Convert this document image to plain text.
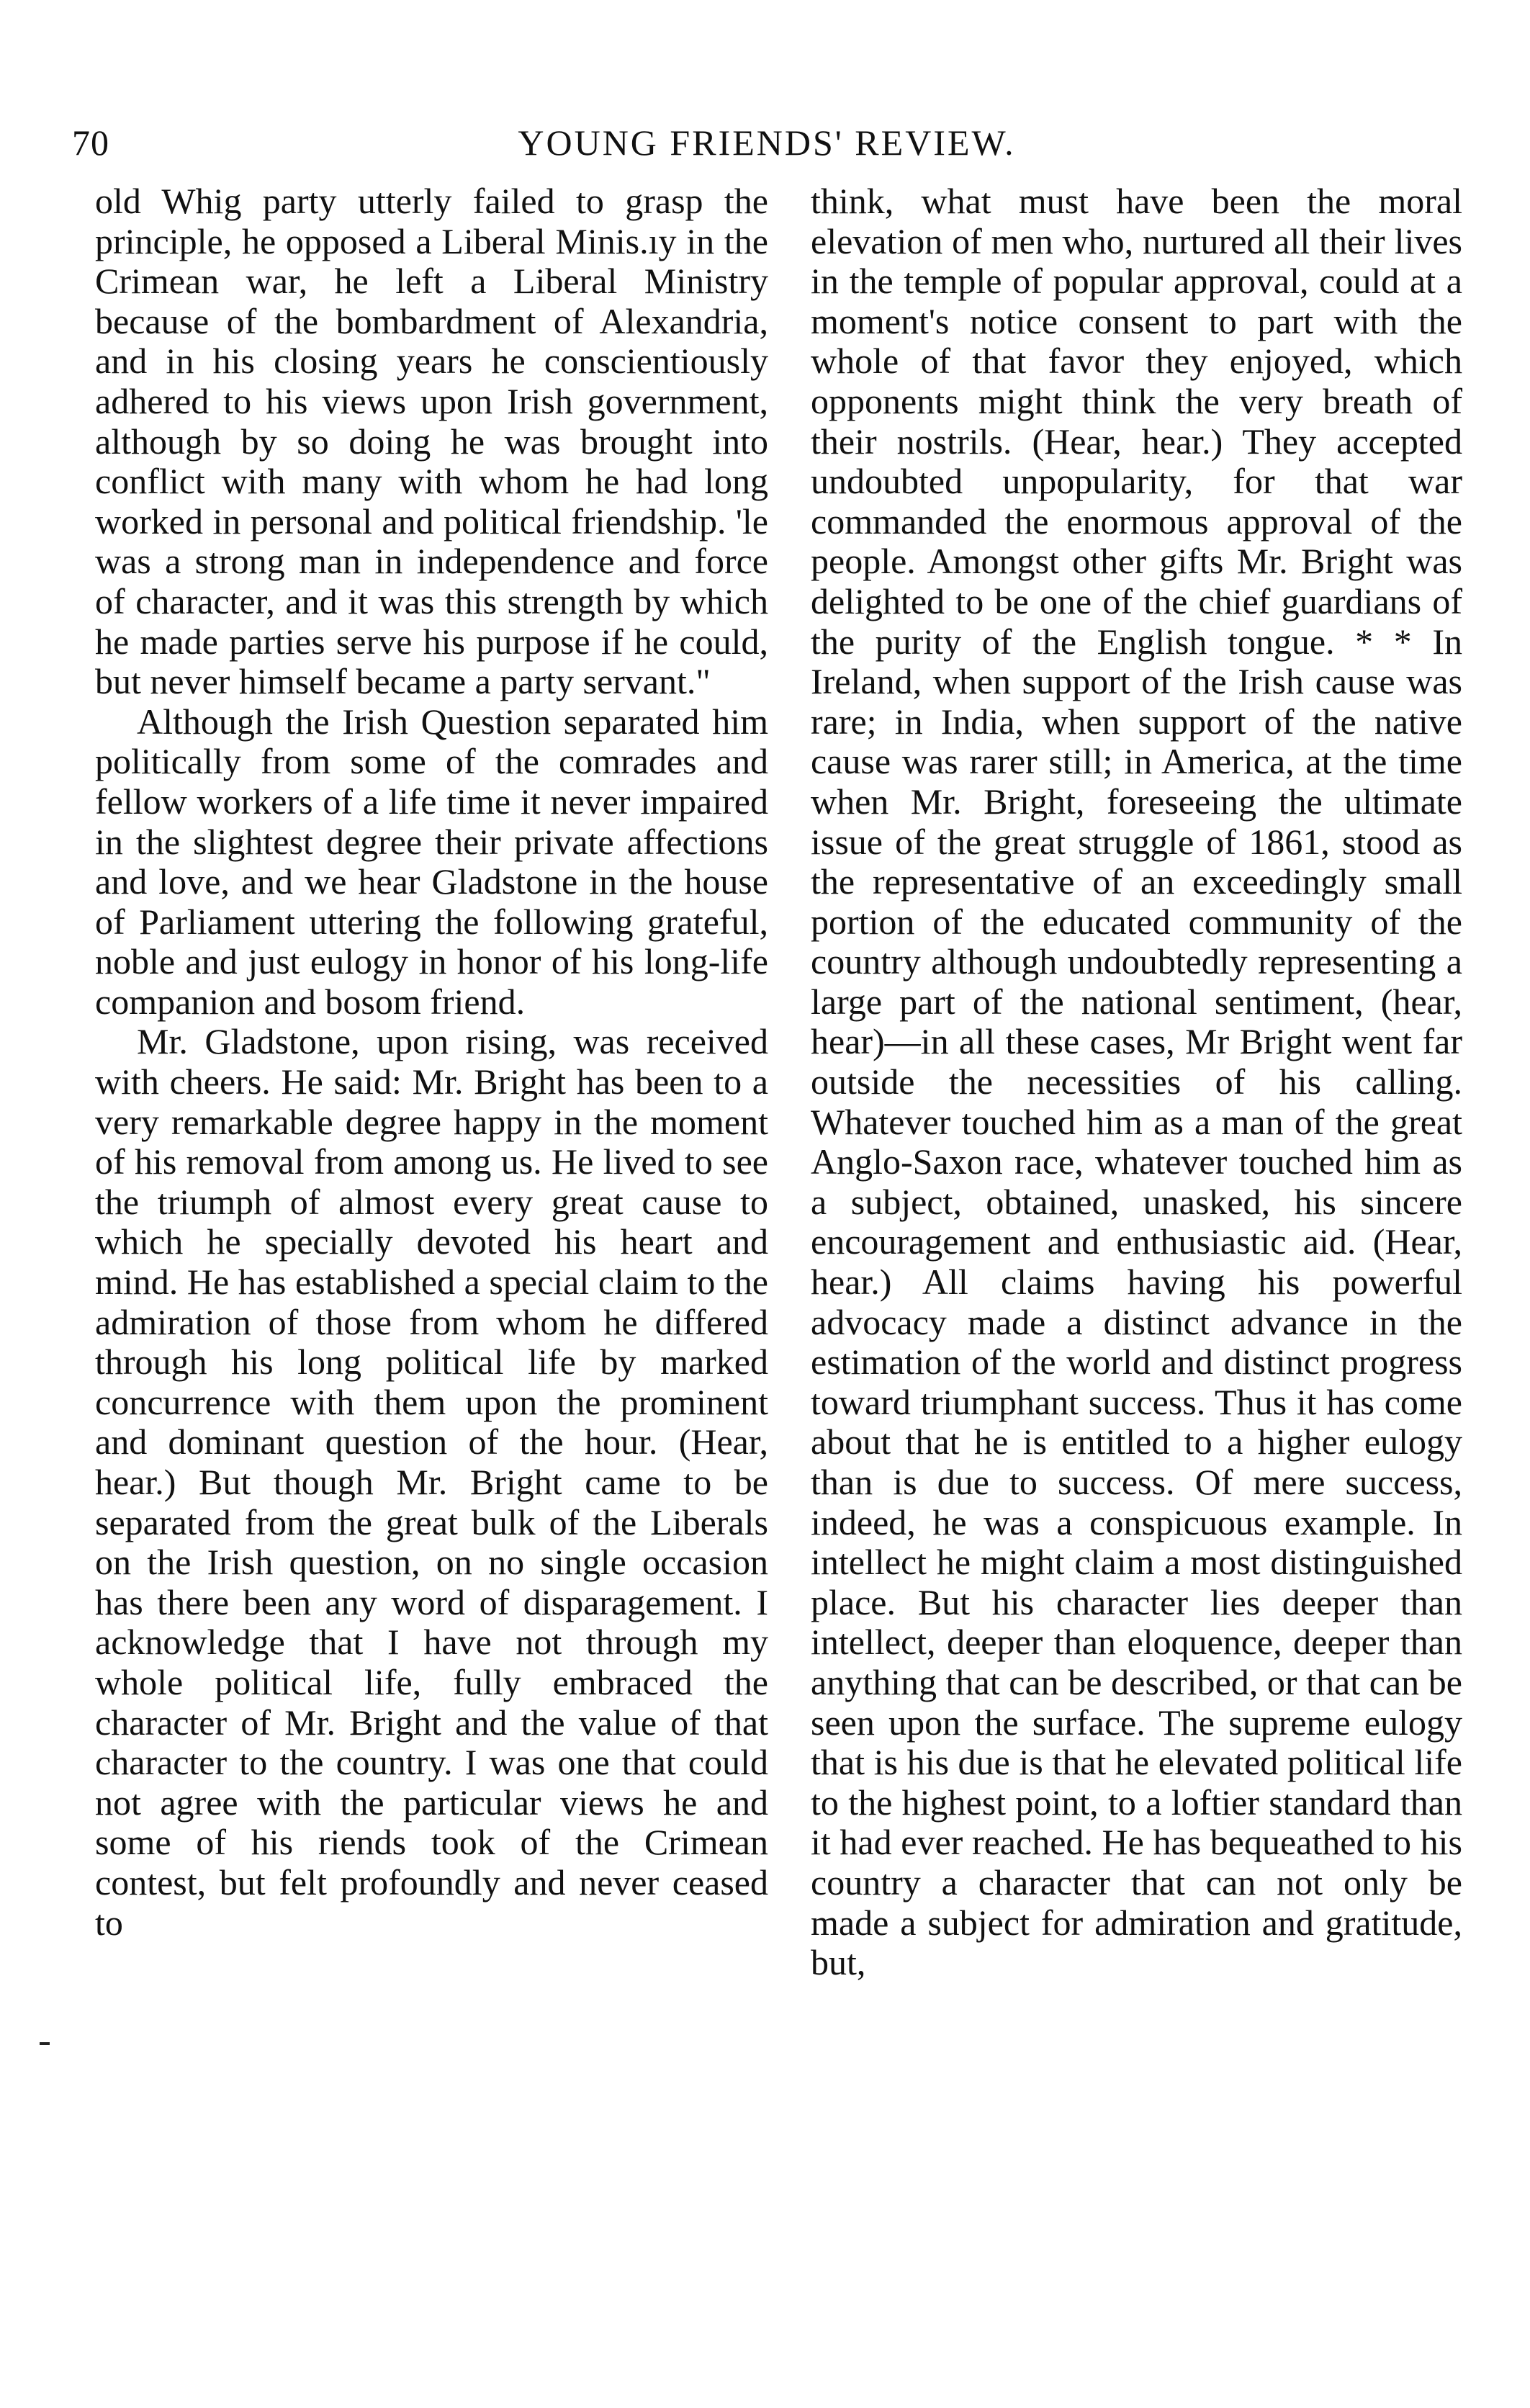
70	YOUNG FRIENDS' REVIEW.

old Whig party utterly failed to grasp the principle, he opposed a Liberal Minis.ıy in the Crimean war, he left a Liberal Ministry because of the bombardment of Alexandria, and in his closing years he conscientiously adhered to his views upon Irish government, although by so doing he was brought into conflict with many with whom he had long worked in personal and political friendship. 'le was a strong man in independence and force of character, and it was this strength by which he made parties serve his purpose if he could, but never himself became a party servant."

Although the Irish Question separated him politically from some of the comrades and fellow workers of a life time it never impaired in the slightest degree their private affections and love, and we hear Gladstone in the house of Parliament uttering the following grateful, noble and just eulogy in honor of his long-life companion and bosom friend.

Mr. Gladstone, upon rising, was received with cheers. He said: Mr. Bright has been to a very remarkable degree happy in the moment of his removal from among us. He lived to see the triumph of almost every great cause to which he specially devoted his heart and mind. He has established a special claim to the admiration of those from whom he differed through his long political life by marked concurrence with them upon the prominent and dominant question of the hour. (Hear, hear.) But though Mr. Bright came to be separated from the great bulk of the Liberals on the Irish question, on no single occasion has there been any word of disparagement. I acknowledge that I have not through my whole political life, fully embraced the character of Mr. Bright and the value of that character to the country. I was one that could not agree with the particular views he and some of his riends took of the Crimean contest, but felt profoundly and never ceased to

think, what must have been the moral elevation of men who, nurtured all their lives in the temple of popular approval, could at a moment's notice consent to part with the whole of that favor they enjoyed, which opponents might think the very breath of their nostrils. (Hear, hear.) They accepted undoubted unpopularity, for that war commanded the enormous approval of the people. Amongst other gifts Mr. Bright was delighted to be one of the chief guardians of the purity of the English tongue. * * In Ireland, when support of the Irish cause was rare; in India, when support of the native cause was rarer still; in America, at the time when Mr. Bright, foreseeing the ultimate issue of the great struggle of 1861, stood as the representative of an exceedingly small portion of the educated community of the country although undoubtedly representing a large part of the national sentiment, (hear, hear)—in all these cases, Mr Bright went far outside the necessities of his calling. Whatever touched him as a man of the great Anglo-Saxon race, whatever touched him as a subject, obtained, unasked, his sincere encouragement and enthusiastic aid. (Hear, hear.) All claims having his powerful advocacy made a distinct advance in the estimation of the world and distinct progress toward triumphant success. Thus it has come about that he is entitled to a higher eulogy than is due to success. Of mere success, indeed, he was a conspicuous example. In intellect he might claim a most distinguished place. But his character lies deeper than intellect, deeper than eloquence, deeper than anything that can be described, or that can be seen upon the surface. The supreme eulogy that is his due is that he elevated political life to the highest point, to a loftier standard than it had ever reached. He has bequeathed to his country a character that can not only be made a subject for admiration and gratitude, but,
